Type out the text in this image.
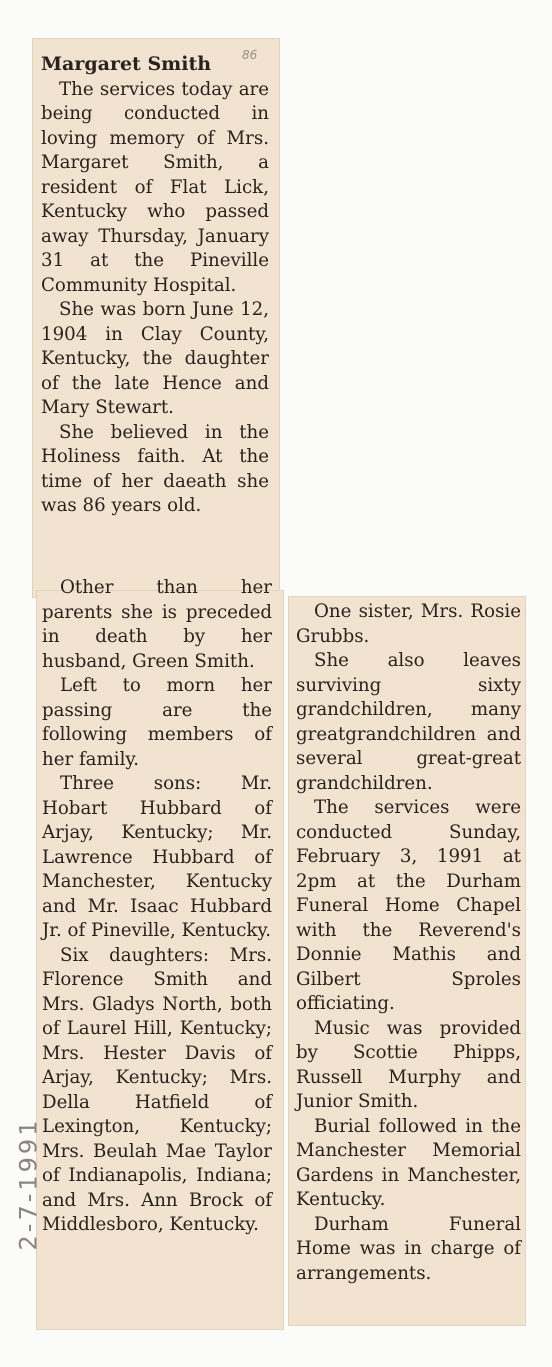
Margaret Smith

The services today are being conducted in loving memory of Mrs. Margaret Smith, a resident of Flat Lick, Kentucky who passed away Thursday, January 31 at the Pineville Community Hospital.

She was born June 12, 1904 in Clay County, Kentucky, the daughter of the late Hence and Mary Stewart.

She believed in the Holiness faith. At the time of her daeath she was 86 years old.

86

Other than her parents she is preceded in death by her husband, Green Smith.

Left to morn her passing are the following members of her family.

Three sons: Mr. Hobart Hubbard of Arjay, Kentucky; Mr. Lawrence Hubbard of Manchester, Kentucky and Mr. Isaac Hubbard Jr. of Pineville, Kentucky.

Six daughters: Mrs. Florence Smith and Mrs. Gladys North, both of Laurel Hill, Kentucky; Mrs. Hester Davis of Arjay, Kentucky; Mrs. Della Hatfield of Lexington, Kentucky; Mrs. Beulah Mae Taylor of Indianapolis, Indiana; and Mrs. Ann Brock of Middlesboro, Kentucky.

One sister, Mrs. Rosie Grubbs.

She also leaves surviving sixty grandchildren, many greatgrandchildren and several great-great grandchildren.

The services were conducted Sunday, February 3, 1991 at 2pm at the Durham Funeral Home Chapel with the Reverend's Donnie Mathis and Gilbert Sproles officiating.

Music was provided by Scottie Phipps, Russell Murphy and Junior Smith.

Burial followed in the Manchester Memorial Gardens in Manchester, Kentucky.

Durham Funeral Home was in charge of arrangements.

2-7-1991
